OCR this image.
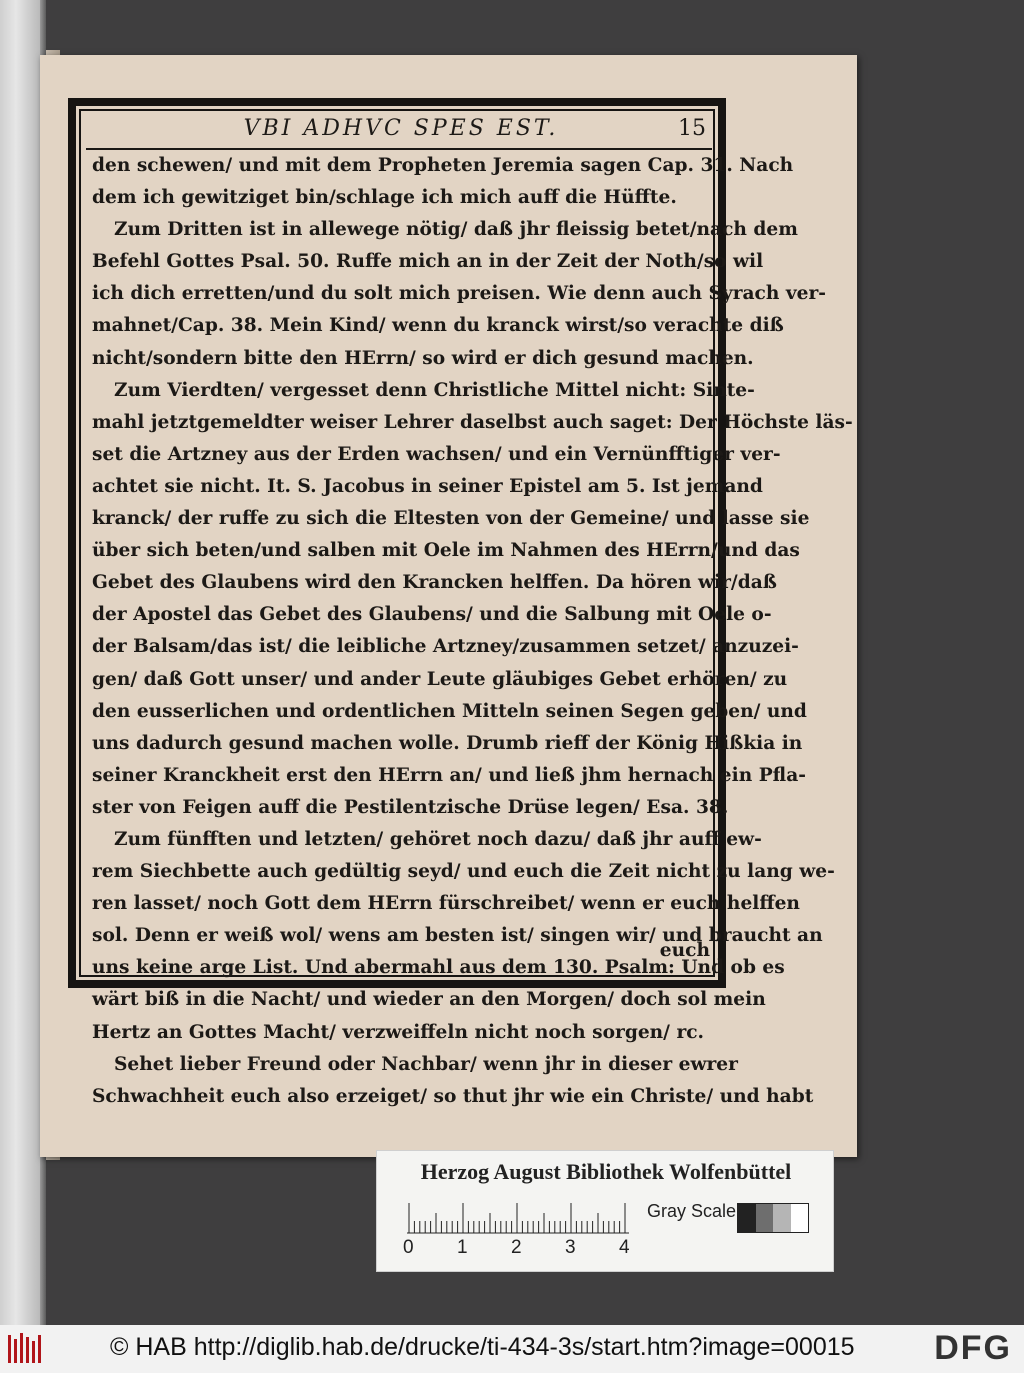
VBI ADHVC SPES EST.	15
den schewen/ und mit dem Propheten Jeremia sagen Cap. 31. Nach
dem ich gewitziget bin/schlage ich mich auff die Hüffte.
Zum Dritten ist in allewege nötig/ daß jhr fleissig betet/nach dem
Befehl Gottes Psal. 50. Ruffe mich an in der Zeit der Noth/so wil
ich dich erretten/und du solt mich preisen. Wie denn auch Syrach ver-
mahnet/Cap. 38. Mein Kind/ wenn du kranck wirst/so verachte diß
nicht/sondern bitte den HErrn/ so wird er dich gesund machen.
Zum Vierdten/ vergesset denn Christliche Mittel nicht: Sinte-
mahl jetztgemeldter weiser Lehrer daselbst auch saget: Der Höchste läs-
set die Artzney aus der Erden wachsen/ und ein Vernünfftiger ver-
achtet sie nicht. It. S. Jacobus in seiner Epistel am 5. Ist jemand
kranck/ der ruffe zu sich die Eltesten von der Gemeine/ und lasse sie
über sich beten/und salben mit Oele im Nahmen des HErrn/und das
Gebet des Glaubens wird den Krancken helffen. Da hören wir/daß
der Apostel das Gebet des Glaubens/ und die Salbung mit Oele o-
der Balsam/das ist/ die leibliche Artzney/zusammen setzet/ anzuzei-
gen/ daß Gott unser/ und ander Leute gläubiges Gebet erhören/ zu
den eusserlichen und ordentlichen Mitteln seinen Segen geben/ und
uns dadurch gesund machen wolle. Drumb rieff der König Hißkia in
seiner Kranckheit erst den HErrn an/ und ließ jhm hernach ein Pfla-
ster von Feigen auff die Pestilentzische Drüse legen/ Esa. 38.
Zum fünfften und letzten/ gehöret noch dazu/ daß jhr auff ew-
rem Siechbette auch gedültig seyd/ und euch die Zeit nicht zu lang we-
ren lasset/ noch Gott dem HErrn fürschreibet/ wenn er euch helffen
sol. Denn er weiß wol/ wens am besten ist/ singen wir/ und braucht an
uns keine arge List. Und abermahl aus dem 130. Psalm: Und ob es
wärt biß in die Nacht/ und wieder an den Morgen/ doch sol mein
Hertz an Gottes Macht/ verzweiffeln nicht noch sorgen/ rc.
Sehet lieber Freund oder Nachbar/ wenn jhr in dieser ewrer
Schwachheit euch also erzeiget/ so thut jhr wie ein Christe/ und habt
euch
Herzog August Bibliothek Wolfenbüttel
0 1 2 3 4
Gray Scale
© HAB http://diglib.hab.de/drucke/ti-434-3s/start.htm?image=00015 DFG
